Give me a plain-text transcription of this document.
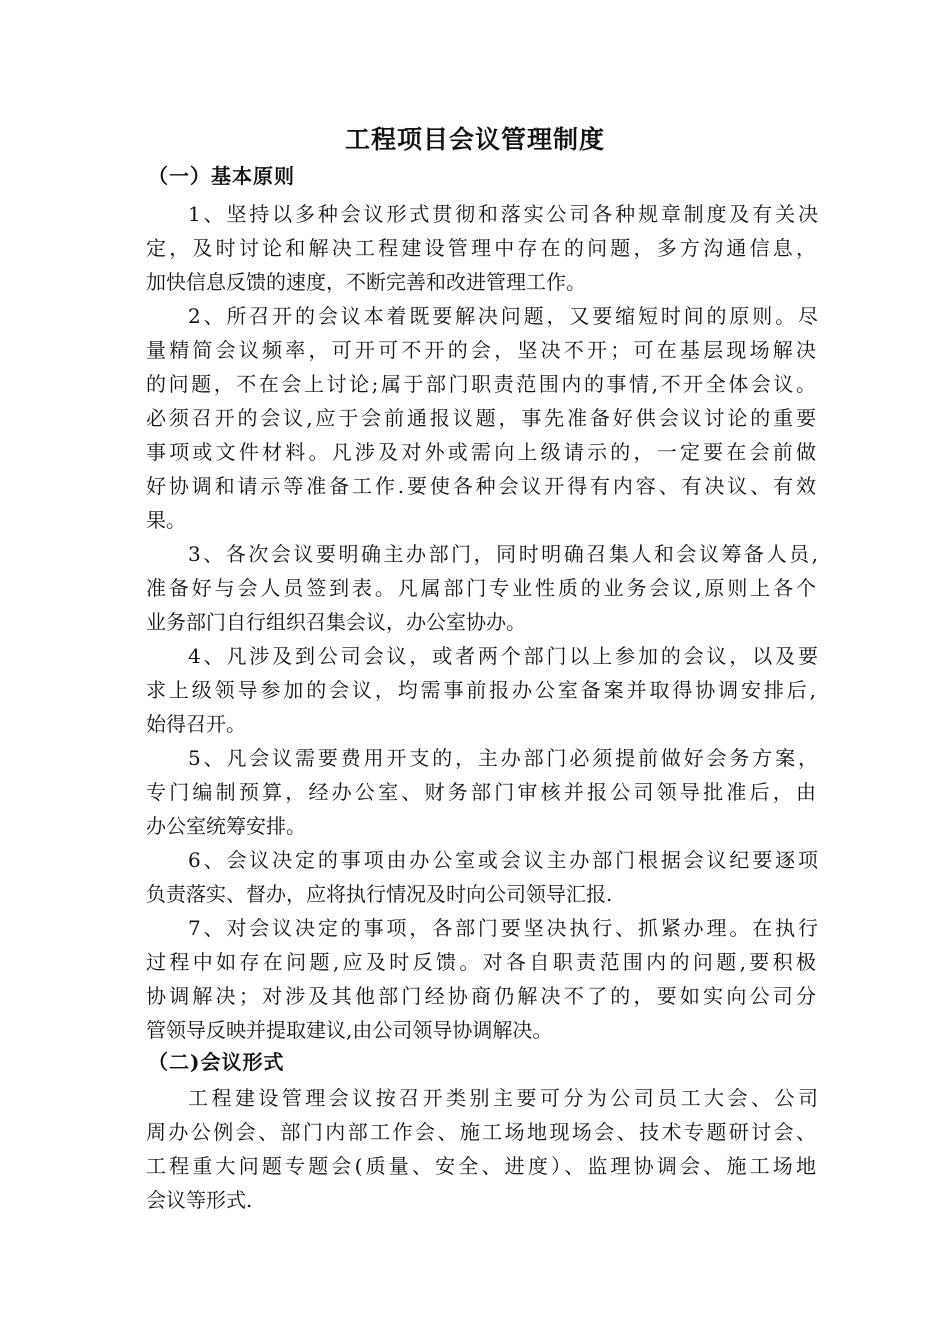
工程项目会议管理制度
（一）基本原则
1、坚持以多种会议形式贯彻和落实公司各种规章制度及有关决
定，及时讨论和解决工程建设管理中存在的问题，多方沟通信息，
加快信息反馈的速度，不断完善和改进管理工作。
2、所召开的会议本着既要解决问题，又要缩短时间的原则。尽
量精简会议频率，可开可不开的会，坚决不开；可在基层现场解决
的问题，不在会上讨论;属于部门职责范围内的事情,不开全体会议。
必须召开的会议,应于会前通报议题，事先准备好供会议讨论的重要
事项或文件材料。凡涉及对外或需向上级请示的，一定要在会前做
好协调和请示等准备工作.要使各种会议开得有内容、有决议、有效
果。
3、各次会议要明确主办部门，同时明确召集人和会议筹备人员,
准备好与会人员签到表。凡属部门专业性质的业务会议,原则上各个
业务部门自行组织召集会议，办公室协办。
4、凡涉及到公司会议，或者两个部门以上参加的会议，以及要
求上级领导参加的会议，均需事前报办公室备案并取得协调安排后,
始得召开。
5、凡会议需要费用开支的，主办部门必须提前做好会务方案，
专门编制预算，经办公室、财务部门审核并报公司领导批准后，由
办公室统筹安排。
6、会议决定的事项由办公室或会议主办部门根据会议纪要逐项
负责落实、督办，应将执行情况及时向公司领导汇报.
7、对会议决定的事项，各部门要坚决执行、抓紧办理。在执行
过程中如存在问题,应及时反馈。对各自职责范围内的问题,要积极
协调解决；对涉及其他部门经协商仍解决不了的，要如实向公司分
管领导反映并提取建议,由公司领导协调解决。
（二)会议形式
工程建设管理会议按召开类别主要可分为公司员工大会、公司
周办公例会、部门内部工作会、施工场地现场会、技术专题研讨会、
工程重大问题专题会(质量、安全、进度）、监理协调会、施工场地
会议等形式.
